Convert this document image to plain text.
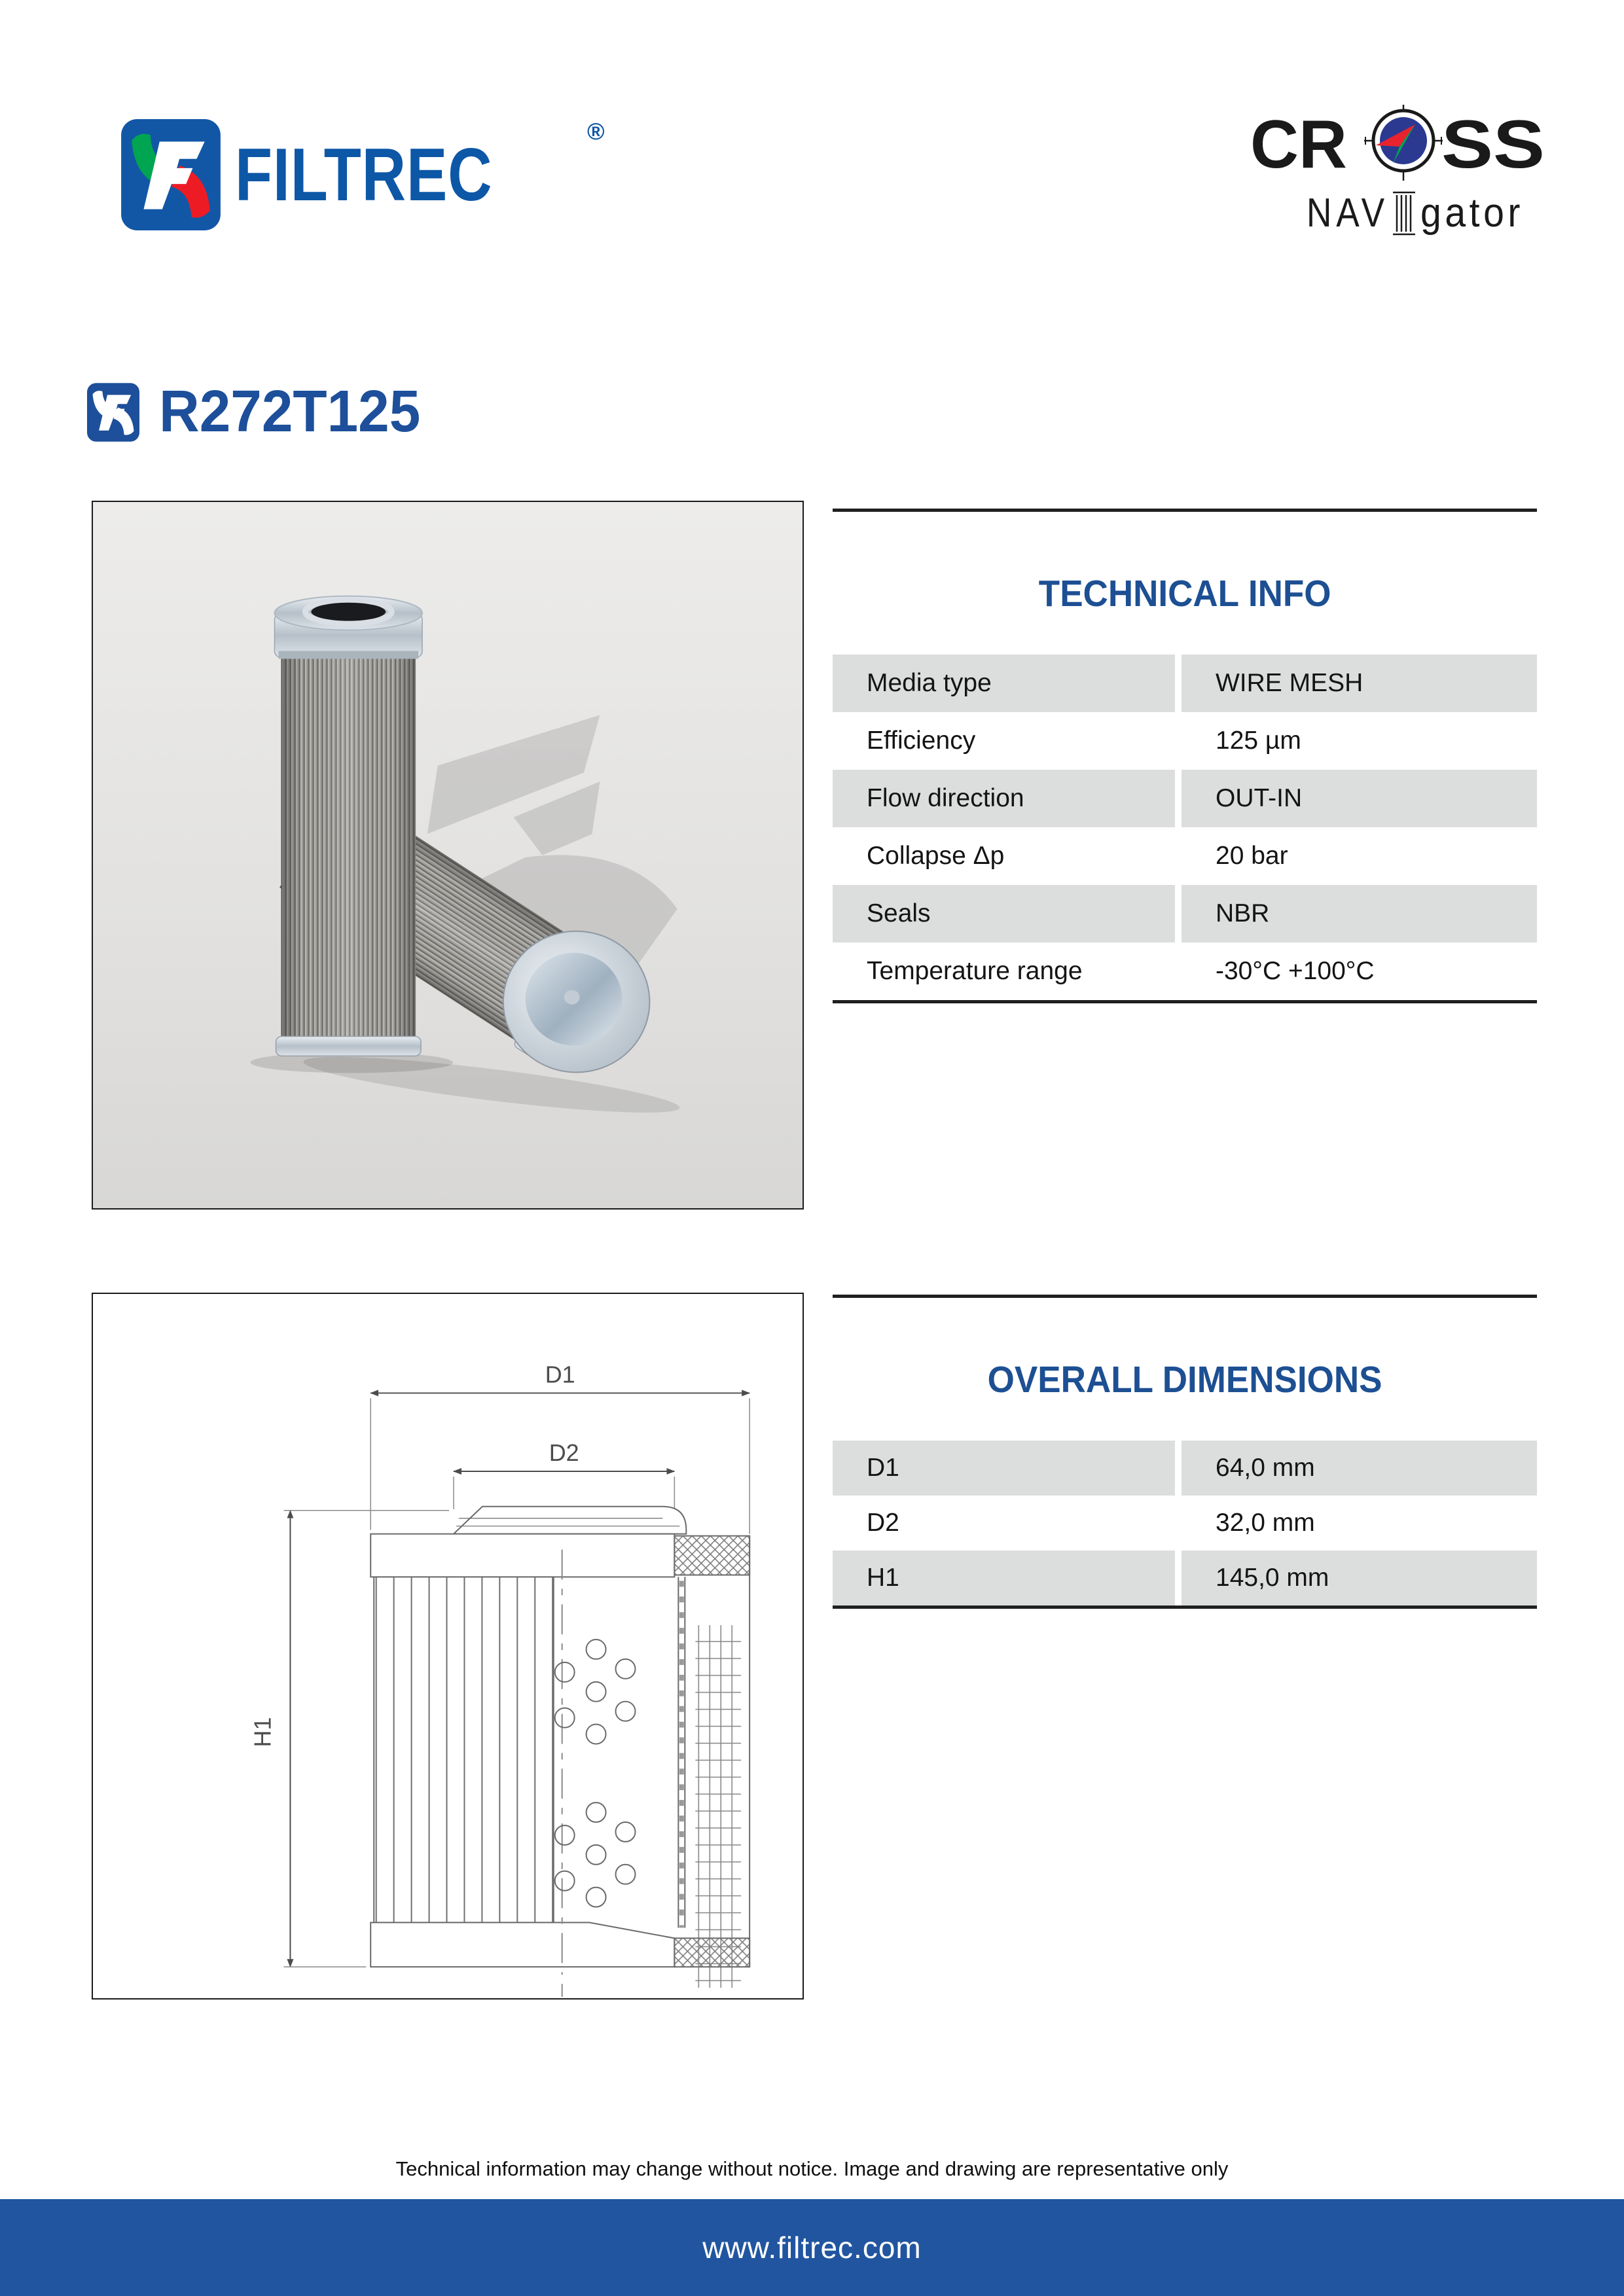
FILTREC
®	CR SS
NAV gator
R272T125
TECHNICAL INFO
Media type	WIRE MESH
Efficiency	125 µm
Flow direction	OUT-IN
Collapse Δp	20 bar
Seals	NBR
Temperature range	-30°C +100°C
D1
D2
H1
OVERALL DIMENSIONS
D1	64,0 mm
D2	32,0 mm
H1	145,0 mm
Technical information may change without notice. Image and drawing are representative only
www.filtrec.com
